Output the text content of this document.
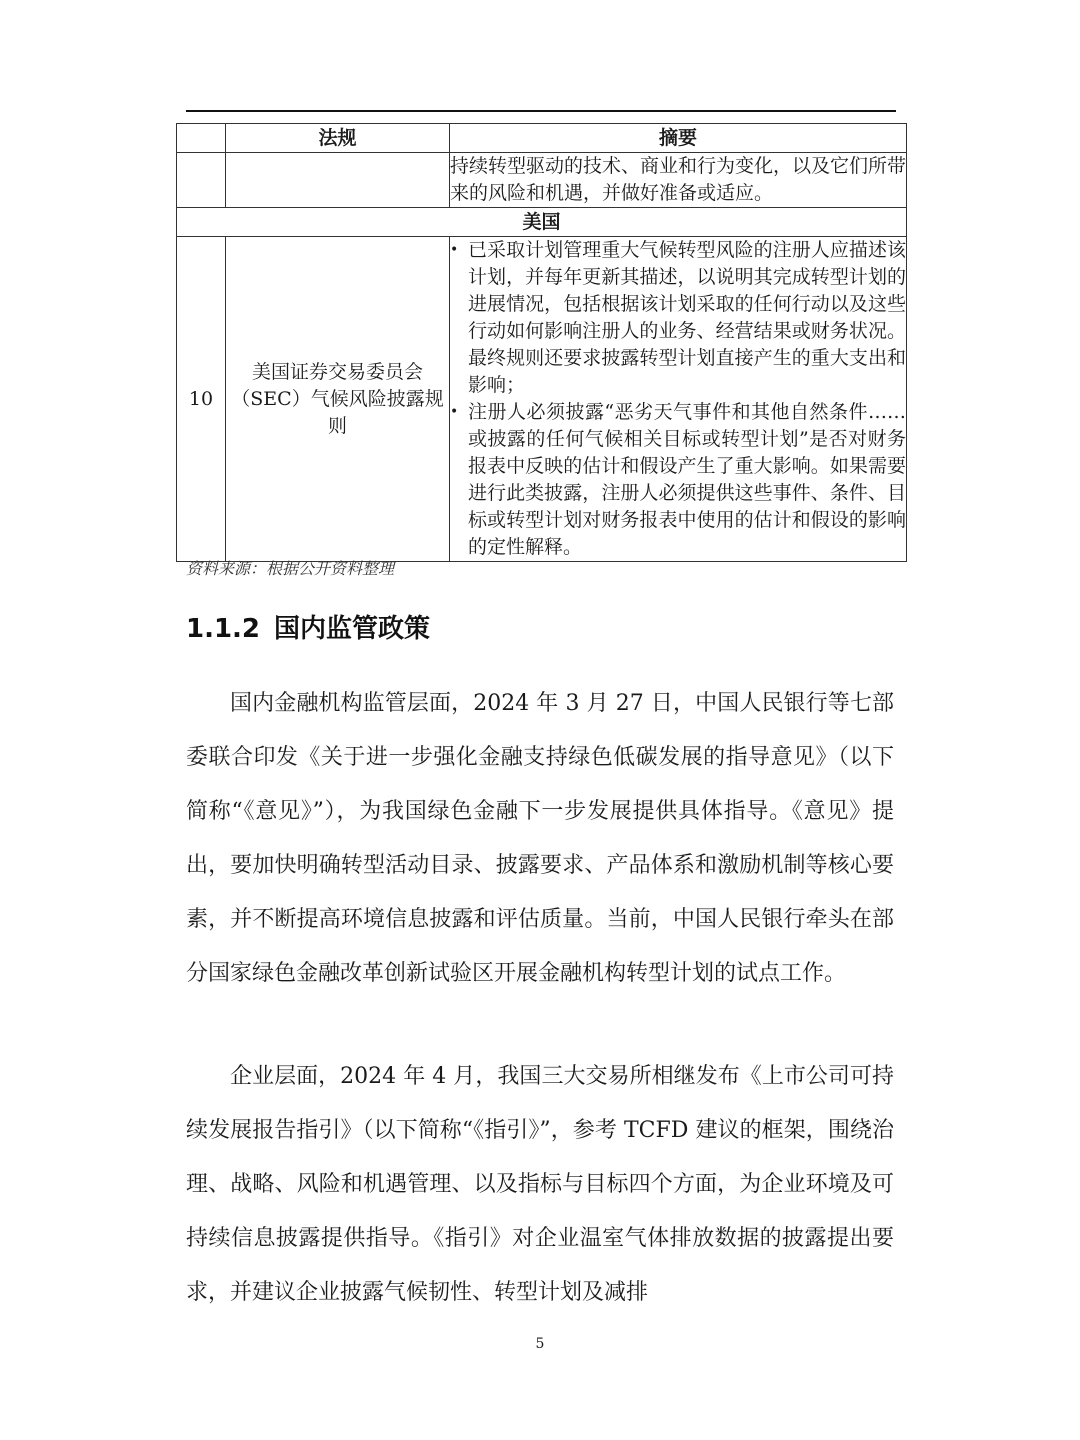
	法规	摘要
		持续转型驱动的技术、商业和行为变化，以及它们所带来的风险和机遇，并做好准备或适应。
美国		
10	美国证券交易委员会（SEC）气候风险披露规则	• 已采取计划管理重大气候转型风险的注册人应描述该计划，并每年更新其描述，以说明其完成转型计划的进展情况，包括根据该计划采取的任何行动以及这些行动如何影响注册人的业务、经营结果或财务状况。最终规则还要求披露转型计划直接产生的重大支出和影响；
• 注册人必须披露“恶劣天气事件和其他自然条件……或披露的任何气候相关目标或转型计划”是否对财务报表中反映的估计和假设产生了重大影响。如果需要进行此类披露，注册人必须提供这些事件、条件、目标或转型计划对财务报表中使用的估计和假设的影响的定性解释。
资料来源：根据公开资料整理
1.1.2 国内监管政策

国内金融机构监管层面，2024 年 3 月 27 日，中国人民银行等七部委联合印发《关于进一步强化金融支持绿色低碳发展的指导意见》（以下简称“《意见》”），为我国绿色金融下一步发展提供具体指导。《意见》提出，要加快明确转型活动目录、披露要求、产品体系和激励机制等核心要素，并不断提高环境信息披露和评估质量。当前，中国人民银行牵头在部分国家绿色金融改革创新试验区开展金融机构转型计划的试点工作。

企业层面，2024 年 4 月，我国三大交易所相继发布《上市公司可持续发展报告指引》（以下简称“《指引》”，参考 TCFD 建议的框架，围绕治理、战略、风险和机遇管理、以及指标与目标四个方面，为企业环境及可持续信息披露提供指导。《指引》对企业温室气体排放数据的披露提出要求，并建议企业披露气候韧性、转型计划及减排

5
